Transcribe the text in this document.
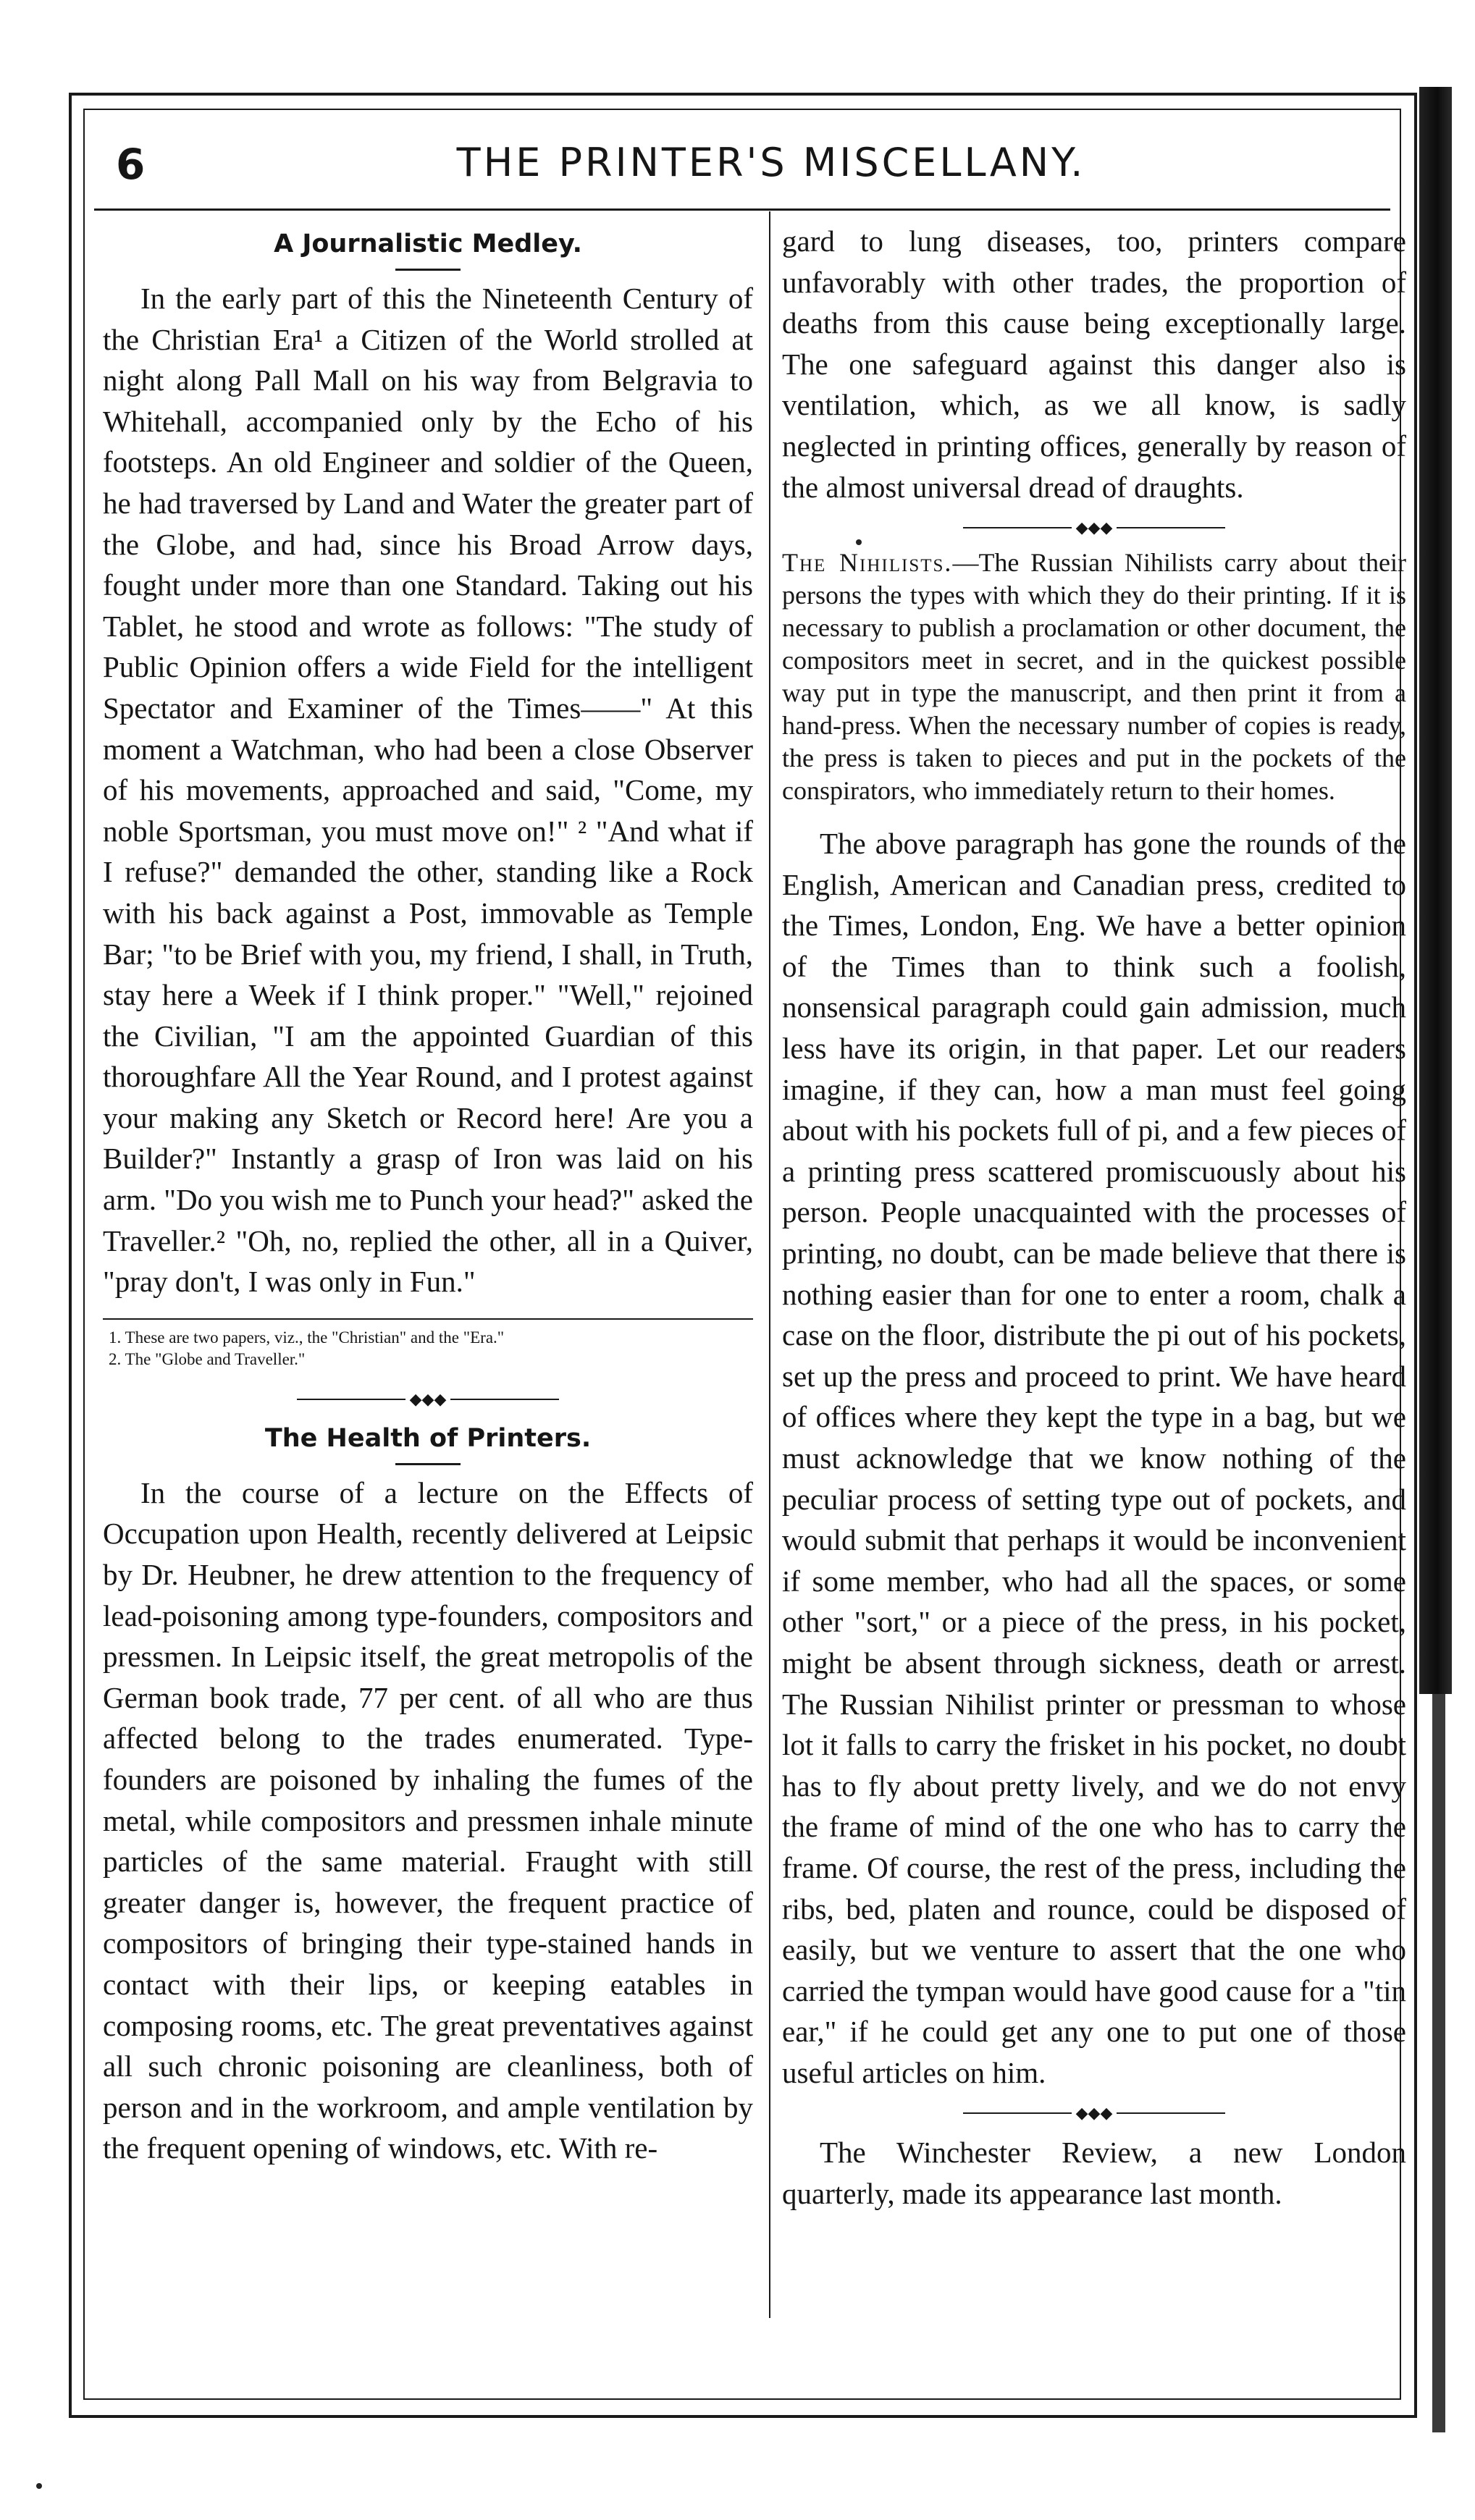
6	THE PRINTER'S MISCELLANY.
A Journalistic Medley.

In the early part of this the Nineteenth Century of the Christian Era¹ a Citizen of the World strolled at night along Pall Mall on his way from Belgravia to Whitehall, accompanied only by the Echo of his footsteps. An old Engineer and soldier of the Queen, he had traversed by Land and Water the greater part of the Globe, and had, since his Broad Arrow days, fought under more than one Standard. Taking out his Tablet, he stood and wrote as follows: "The study of Public Opinion offers a wide Field for the intelligent Spectator and Examiner of the Times——" At this moment a Watchman, who had been a close Observer of his movements, approached and said, "Come, my noble Sportsman, you must move on!" ² "And what if I refuse?" demanded the other, standing like a Rock with his back against a Post, immovable as Temple Bar; "to be Brief with you, my friend, I shall, in Truth, stay here a Week if I think proper." "Well," rejoined the Civilian, "I am the appointed Guardian of this thoroughfare All the Year Round, and I protest against your making any Sketch or Record here! Are you a Builder?" Instantly a grasp of Iron was laid on his arm. "Do you wish me to Punch your head?" asked the Traveller.² "Oh, no, replied the other, all in a Quiver, "pray don't, I was only in Fun."

1. These are two papers, viz., the "Christian" and the "Era."
2. The "Globe and Traveller."
◆◆◆
The Health of Printers.

In the course of a lecture on the Effects of Occupation upon Health, recently delivered at Leipsic by Dr. Heubner, he drew attention to the frequency of lead-poisoning among type-founders, compositors and pressmen. In Leipsic itself, the great metropolis of the German book trade, 77 per cent. of all who are thus affected belong to the trades enumerated. Type-founders are poisoned by inhaling the fumes of the metal, while compositors and pressmen inhale minute particles of the same material. Fraught with still greater danger is, however, the frequent practice of compositors of bringing their type-stained hands in contact with their lips, or keeping eatables in composing rooms, etc. The great preventatives against all such chronic poisoning are cleanliness, both of person and in the workroom, and ample ventilation by the frequent opening of windows, etc. With re-

gard to lung diseases, too, printers compare unfavorably with other trades, the proportion of deaths from this cause being exceptionally large. The one safeguard against this danger also is ventilation, which, as we all know, is sadly neglected in printing offices, generally by reason of the almost universal dread of draughts.

◆◆◆
The Nihilists.—The Russian Nihilists carry about their persons the types with which they do their printing. If it is necessary to publish a proclamation or other document, the compositors meet in secret, and in the quickest possible way put in type the manuscript, and then print it from a hand-press. When the necessary number of copies is ready, the press is taken to pieces and put in the pockets of the conspirators, who immediately return to their homes.

The above paragraph has gone the rounds of the English, American and Canadian press, credited to the Times, London, Eng. We have a better opinion of the Times than to think such a foolish, nonsensical paragraph could gain admission, much less have its origin, in that paper. Let our readers imagine, if they can, how a man must feel going about with his pockets full of pi, and a few pieces of a printing press scattered promiscuously about his person. People unacquainted with the processes of printing, no doubt, can be made believe that there is nothing easier than for one to enter a room, chalk a case on the floor, distribute the pi out of his pockets, set up the press and proceed to print. We have heard of offices where they kept the type in a bag, but we must acknowledge that we know nothing of the peculiar process of setting type out of pockets, and would submit that perhaps it would be inconvenient if some member, who had all the spaces, or some other "sort," or a piece of the press, in his pocket, might be absent through sickness, death or arrest. The Russian Nihilist printer or pressman to whose lot it falls to carry the frisket in his pocket, no doubt has to fly about pretty lively, and we do not envy the frame of mind of the one who has to carry the frame. Of course, the rest of the press, including the ribs, bed, platen and rounce, could be disposed of easily, but we venture to assert that the one who carried the tympan would have good cause for a "tin ear," if he could get any one to put one of those useful articles on him.

◆◆◆

The Winchester Review, a new London quarterly, made its appearance last month.
